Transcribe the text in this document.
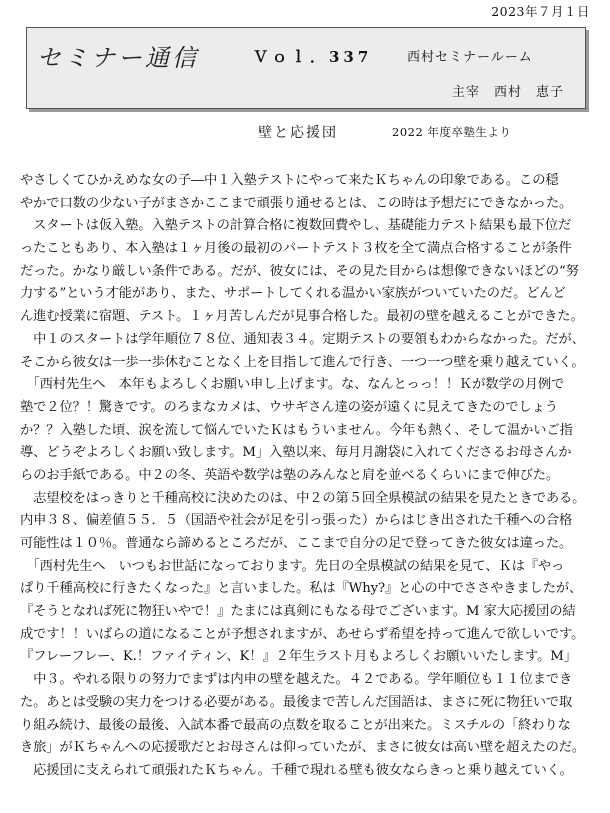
2023年７月１日
セミナー通信	Ｖｏｌ．337	西村セミナールーム
主宰　西村　恵子
壁と応援団	2022 年度卒塾生より
やさしくてひかえめな女の子―中１入塾テストにやって来たＫちゃんの印象である。この穏
やかで口数の少ない子がまさかここまで頑張り通せるとは、この時は予想だにできなかった。
　スタートは仮入塾。入塾テストの計算合格に複数回費やし、基礎能力テスト結果も最下位だ
ったこともあり、本入塾は１ヶ月後の最初のパートテスト３枚を全て満点合格することが条件
だった。かなり厳しい条件である。だが、彼女には、その見た目からは想像できないほどの“努
力する”という才能があり、また、サポートしてくれる温かい家族がついていたのだ。どんど
ん進む授業に宿題、テスト。１ヶ月苦しんだが見事合格した。最初の壁を越えることができた。
　中１のスタートは学年順位７８位、通知表３４。定期テストの要領もわからなかった。だが、
そこから彼女は一歩一歩休むことなく上を目指して進んで行き、一つ一つ壁を乗り越えていく。
　「西村先生へ　本年もよろしくお願い申し上げます。な、なんとっっ！！Ｋが数学の月例で
塾で２位？！驚きです。のろまなカメは、ウサギさん達の姿が遠くに見えてきたのでしょう
か？？入塾した頃、涙を流して悩んでいたＫはもういません。今年も熱く、そして温かいご指
導、どうぞよろしくお願い致します。M」入塾以来、毎月月謝袋に入れてくださるお母さんか
らのお手紙である。中２の冬、英語や数学は塾のみんなと肩を並べるくらいにまで伸びた。
　志望校をはっきりと千種高校に決めたのは、中２の第５回全県模試の結果を見たときである。
内申３８、偏差値５５．５（国語や社会が足を引っ張った）からはじき出された千種への合格
可能性は１０％。普通なら諦めるところだが、ここまで自分の足で登ってきた彼女は違った。
　「西村先生へ　いつもお世話になっております。先日の全県模試の結果を見て、Ｋは『やっ
ぱり千種高校に行きたくなった』と言いました。私は『Why?』と心の中でささやきましたが、
『そうとなれば死に物狂いやで！』たまには真剣にもなる母でございます。M 家大応援団の結
成です！！いばらの道になることが予想されますが、あせらず希望を持って進んで欲しいです。
『フレーフレー、K.！ファイティン、K！』２年生ラスト月もよろしくお願いいたします。M」
　中３。やれる限りの努力でまずは内申の壁を越えた。４２である。学年順位も１１位までき
た。あとは受験の実力をつける必要がある。最後まで苦しんだ国語は、まさに死に物狂いで取
り組み続け、最後の最後、入試本番で最高の点数を取ることが出来た。ミスチルの「終わりな
き旅」がＫちゃんへの応援歌だとお母さんは仰っていたが、まさに彼女は高い壁を超えたのだ。
　応援団に支えられて頑張れたＫちゃん。千種で現れる壁も彼女ならきっと乗り越えていく。
